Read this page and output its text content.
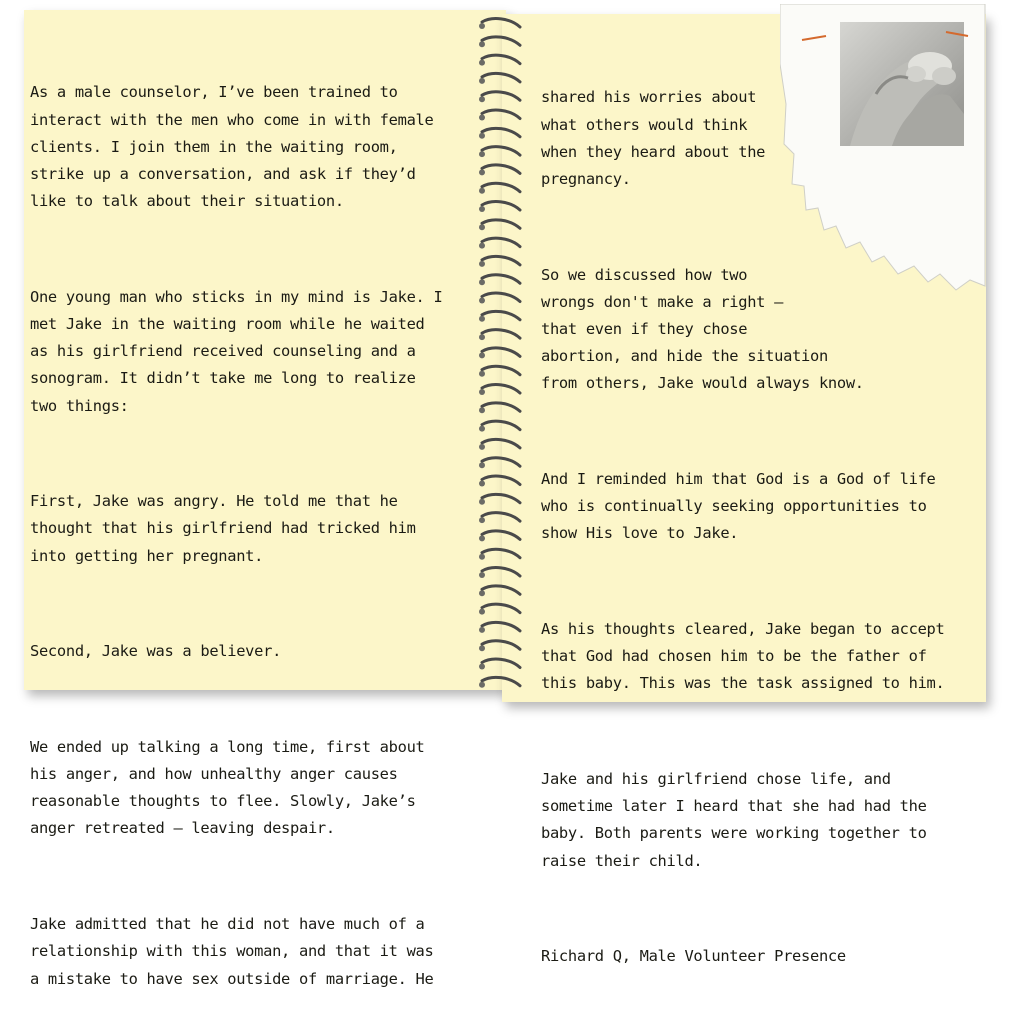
As a male counselor, I’ve been trained to
interact with the men who come in with female
clients. I join them in the waiting room,
strike up a conversation, and ask if they’d
like to talk about their situation.

One young man who sticks in my mind is Jake. I
met Jake in the waiting room while he waited
as his girlfriend received counseling and a
sonogram. It didn’t take me long to realize
two things:

First, Jake was angry. He told me that he
thought that his girlfriend had tricked him
into getting her pregnant.

Second, Jake was a believer.

We ended up talking a long time, first about
his anger, and how unhealthy anger causes
reasonable thoughts to flee. Slowly, Jake’s
anger retreated – leaving despair.

Jake admitted that he did not have much of a
relationship with this woman, and that it was
a mistake to have sex outside of marriage. He

shared his worries about
what others would think
when they heard about the
pregnancy.

So we discussed how two
wrongs don't make a right –
that even if they chose
abortion, and hide the situation
from others, Jake would always know.

And I reminded him that God is a God of life
who is continually seeking opportunities to
show His love to Jake.

As his thoughts cleared, Jake began to accept
that God had chosen him to be the father of
this baby. This was the task assigned to him.

Jake and his girlfriend chose life, and
sometime later I heard that she had had the
baby. Both parents were working together to
raise their child.

Richard Q, Male Volunteer Presence
